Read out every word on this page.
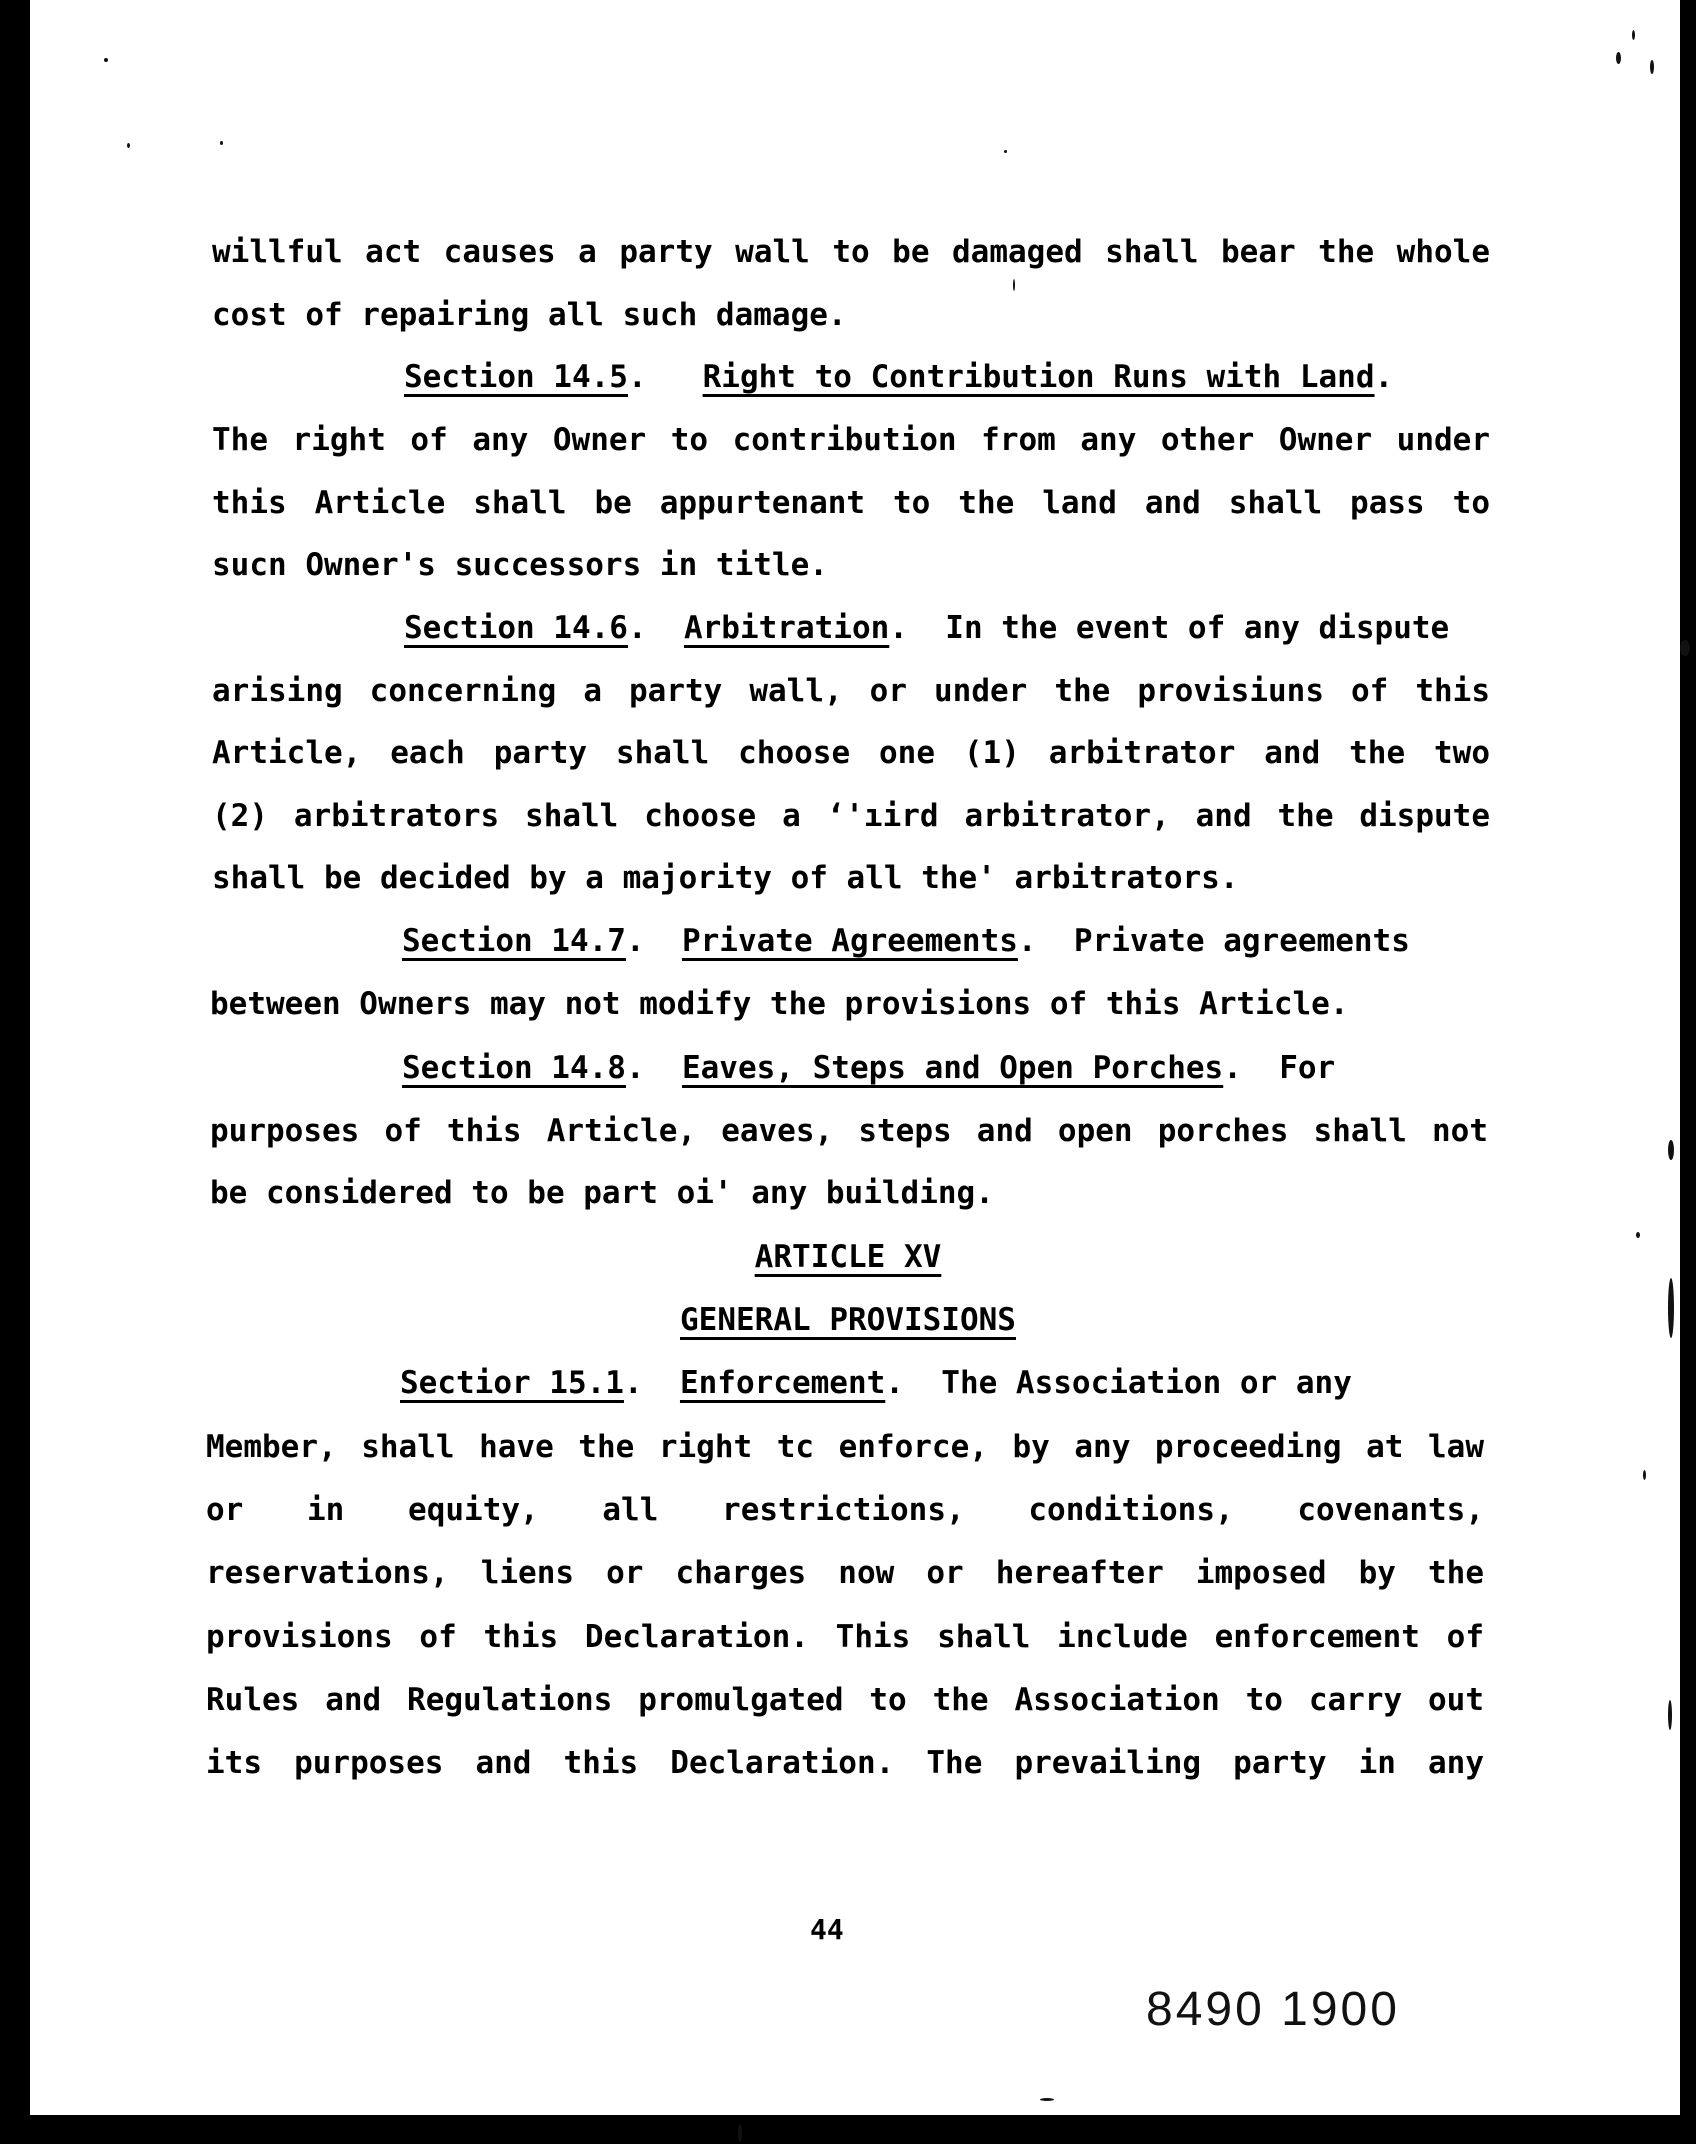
willful act causes a party wall to be damaged shall bear the whole
cost of repairing all such damage.
Section 14.5.   Right to Contribution Runs with Land.
The right of any Owner to contribution from any other Owner under
this Article shall be appurtenant to the land and shall pass to
sucn Owner's successors in title.
Section 14.6.  Arbitration.  In the event of any dispute
arising concerning a party wall, or under the provisiuns of this
Article, each party shall choose one (1) arbitrator and the two
(2) arbitrators shall choose a ‘'ıird arbitrator, and the dispute
shall be decided by a majority of all the' arbitrators.
Section 14.7.  Private Agreements.  Private agreements
between Owners may not modify the provisions of this Article.
Section 14.8.  Eaves, Steps and Open Porches.  For
purposes of this Article, eaves, steps and open porches shall not
be considered to be part oi' any building.
ARTICLE XV
GENERAL PROVISIONS
Sectior 15.1.  Enforcement.  The Association or any
Member, shall have the right tc enforce, by any proceeding at law
or in equity, all restrictions, conditions, covenants,
reservations, liens or charges now or hereafter imposed by the
provisions of this Declaration. This shall include enforcement of
Rules and Regulations promulgated to the Association to carry out
its purposes and this Declaration. The prevailing party in any
44
8490 1900
